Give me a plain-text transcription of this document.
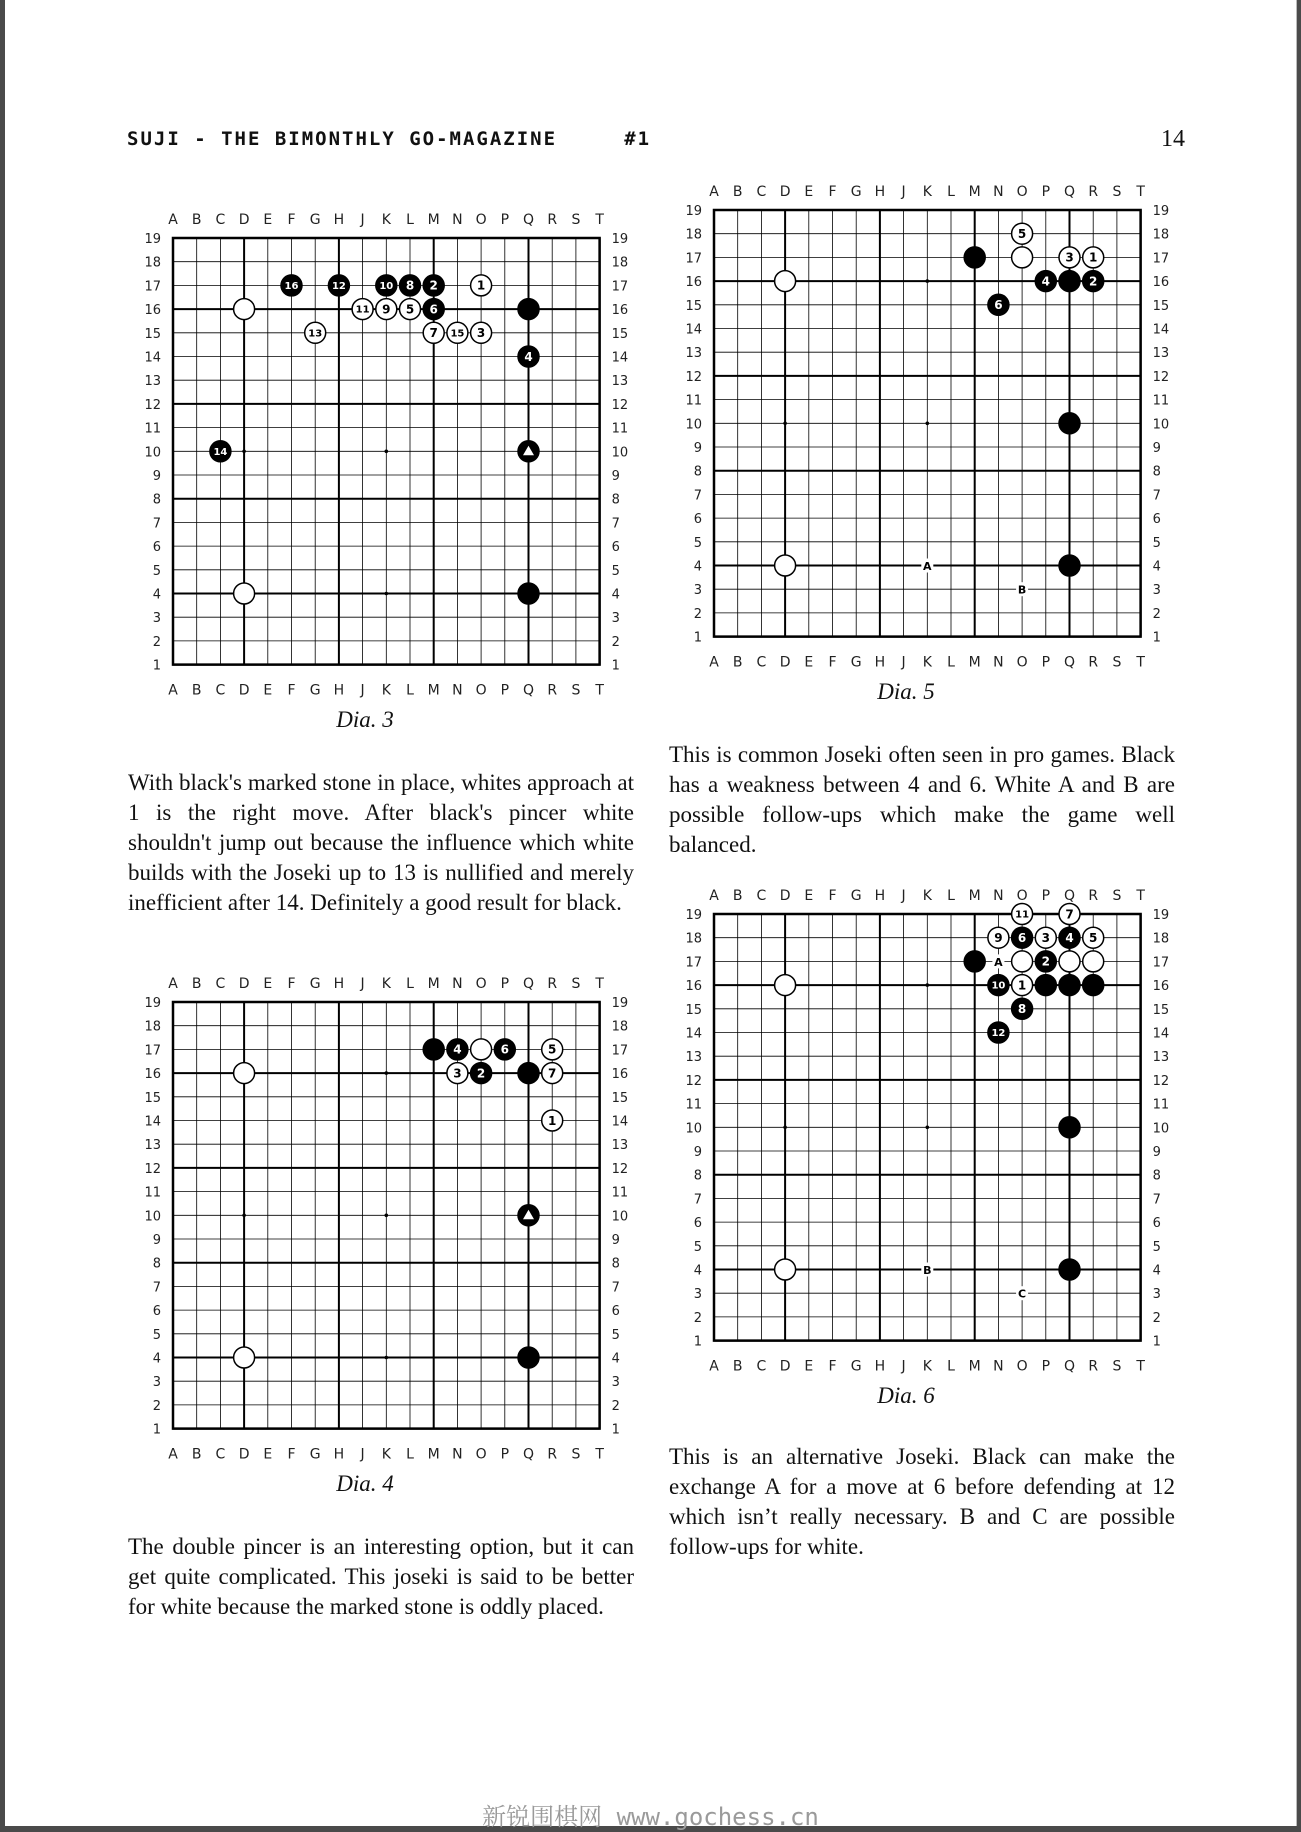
SUJI - THE BIMONTHLY GO-MAGAZINE     #1	14
A
A
B
B
C
C
D
D
E
E
F
F
G
G
H
H
J
J
K
K
L
L
M
M
N
N
O
O
P
P
Q
Q
R
R
S
S
T
T
19	19
18	18
17	17
16	16
15	15
14	14
13	13
12	12
11	11
10	10
9	9
8	8
7	7
6	6
5	5
4	4
3	3
2	2
1	1
1
2
3
4
5 6
7
8
9
10
11
12
13
14
15
16
Dia. 3
With black's marked stone in place, whites approach at 1 is the right move. After black's pincer white shouldn't jump out because the influence which white builds with the Joseki up to 13 is nullified and merely inefficient after 14. Definitely a good result for black.
A
A
B
B
C
C
D
D
E
E
F
F
G
G
H
H
J
J
K
K
L
L
M
M
N
N
O
O
P
P
Q
Q
R
R
S
S
T
T
19	19
18	18
17	17
16	16
15	15
14	14
13	13
12	12
11	11
10	10
9	9
8	8
7	7
6	6
5	5
4	4
3	3
2	2
1	1
1
2
3
4	5
6
7
Dia. 4
The double pincer is an interesting option, but it can get quite complicated. This joseki is said to be better for white because the marked stone is oddly placed.
A
A
B
B
C
C
D
D
E
E
F
F
G
G
H
H
J
J
K
K
L
L
M
M
N
N
O
O
P
P
Q
Q
R
R
S
S
T
T
19	19
18	18
17	17
16	16
15	15
14	14
13	13
12	12
11	11
10	10
9	9
8	8
7	7
6	6
5	5
4	4
3	3
2	2
1	1
A
B
1
2
3
4
5
6
Dia. 5
This is common Joseki often seen in pro games. Black has a weakness between 4 and 6. White A and B are possible follow-ups which make the game well balanced.
A
A
B
B
C
C
D
D
E
E
F
F
G
G
H
H
J
J
K
K
L
L
M
M
N
N
O
O
P
P
Q
Q
R
R
S
S
T
T
19	19
18	18
17	17
16	16
15	15
14	14
13	13
12	12
11	11
10	10
9	9
8	8
7	7
6	6
5	5
4	4
3	3
2	2
1	1
A
B
C
1
2
3 4 5
6
7
8
9
10
11
12
Dia. 6
This is an alternative Joseki. Black can make the exchange A for a move at 6 before defending at 12 which isn’t really necessary. B and C are possible follow-ups for white.
新锐围棋网 www.gochess.cn
